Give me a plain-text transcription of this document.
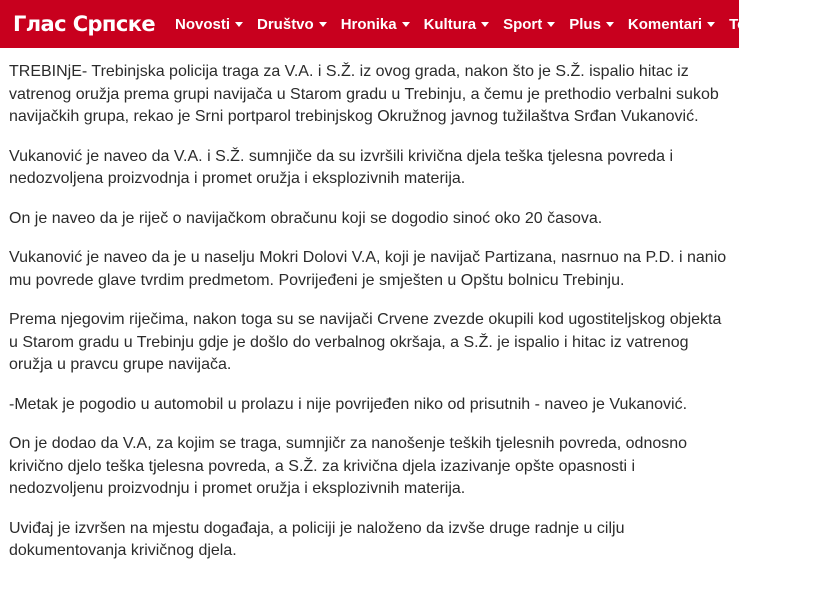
Глас Српске Novosti Društvo Hronika Kultura Sport Plus Komentari Tehnologija

TREBINjE- Trebinjska policija traga za V.A. i S.Ž. iz ovog grada, nakon što je S.Ž. ispalio hitac iz vatrenog oružja prema grupi navijača u Starom gradu u Trebinju, a čemu je prethodio verbalni sukob navijačkih grupa, rekao je Srni portparol trebinjskog Okružnog javnog tužilaštva Srđan Vukanović.

Vukanović je naveo da V.A. i S.Ž. sumnjiče da su izvršili krivična djela teška tjelesna povreda i nedozvoljena proizvodnja i promet oružja i eksplozivnih materija.

On je naveo da je riječ o navijačkom obračunu koji se dogodio sinoć oko 20 časova.

Vukanović je naveo da je u naselju Mokri Dolovi V.A, koji je navijač Partizana, nasrnuo na P.D. i nanio mu povrede glave tvrdim predmetom. Povrijeđeni je smješten u Opštu bolnicu Trebinju.

Prema njegovim riječima, nakon toga su se navijači Crvene zvezde okupili kod ugostiteljskog objekta u Starom gradu u Trebinju gdje je došlo do verbalnog okršaja, a S.Ž. je ispalio i hitac iz vatrenog oružja u pravcu grupe navijača.

-Metak je pogodio u automobil u prolazu i nije povrijeđen niko od prisutnih - naveo je Vukanović.

On je dodao da V.A, za kojim se traga, sumnjičr za nanošenje teških tjelesnih povreda, odnosno krivično djelo teška tjelesna povreda, a S.Ž. za krivična djela izazivanje opšte opasnosti i nedozvoljenu proizvodnju i promet oružja i eksplozivnih materija.

Uviđaj je izvršen na mjestu događaja, a policiji je naloženo da izvše druge radnje u cilju dokumentovanja krivičnog djela.
